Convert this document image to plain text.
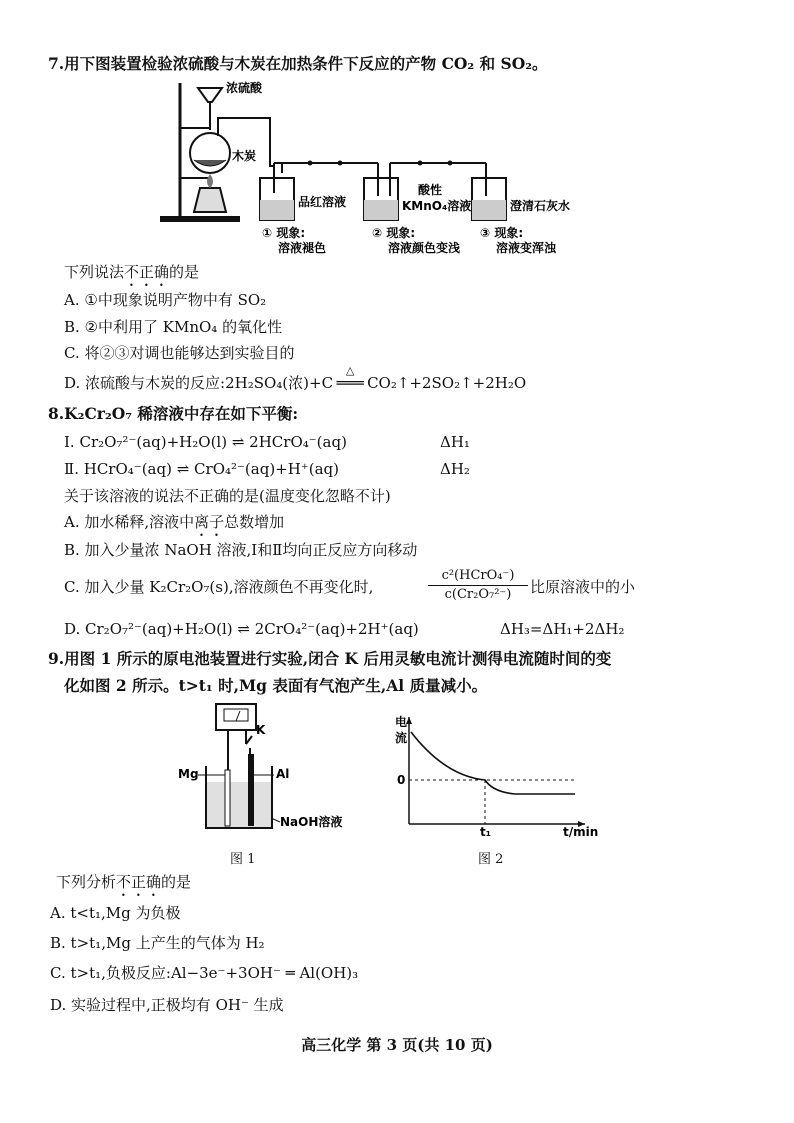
7.用下图装置检验浓硫酸与木炭在加热条件下反应的产物 CO₂ 和 SO₂。
浓硫酸
木炭
品红溶液
酸性
KMnO₄溶液	澄清石灰水
① 现象:
溶液褪色
② 现象:
溶液颜色变浅
③ 现象:
溶液变浑浊
下列说法不正确的是
A. ①中现象说明产物中有 SO₂
B. ②中利用了 KMnO₄ 的氧化性
C. 将②③对调也能够达到实验目的
D. 浓硫酸与木炭的反应:2H₂SO₄(浓)+C
△
═══ CO₂↑+2SO₂↑+2H₂O
8.K₂Cr₂O₇ 稀溶液中存在如下平衡:
Ⅰ. Cr₂O₇²⁻(aq)+H₂O(l) ⇌ 2HCrO₄⁻(aq)	ΔH₁
Ⅱ. HCrO₄⁻(aq) ⇌ CrO₄²⁻(aq)+H⁺(aq)	ΔH₂
关于该溶液的说法不正确的是(温度变化忽略不计)
A. 加水稀释,溶液中离子总数增加
B. 加入少量浓 NaOH 溶液,Ⅰ和Ⅱ均向正反应方向移动
C. 加入少量 K₂Cr₂O₇(s),溶液颜色不再变化时,
c²(HCrO₄⁻)
c(Cr₂O₇²⁻)	比原溶液中的小
D. Cr₂O₇²⁻(aq)+H₂O(l) ⇌ 2CrO₄²⁻(aq)+2H⁺(aq)	ΔH₃=ΔH₁+2ΔH₂
9.用图 1 所示的原电池装置进行实验,闭合 K 后用灵敏电流计测得电流随时间的变
化如图 2 所示。t>t₁ 时,Mg 表面有气泡产生,Al 质量减小。
K
Mg	Al
NaOH溶液
图 1
电
流
0
t₁	t/min
图 2
下列分析不正确的是
A. t<t₁,Mg 为负极
B. t>t₁,Mg 上产生的气体为 H₂
C. t>t₁,负极反应:Al−3e⁻+3OH⁻ ═ Al(OH)₃
D. 实验过程中,正极均有 OH⁻ 生成
高三化学 第 3 页(共 10 页)
